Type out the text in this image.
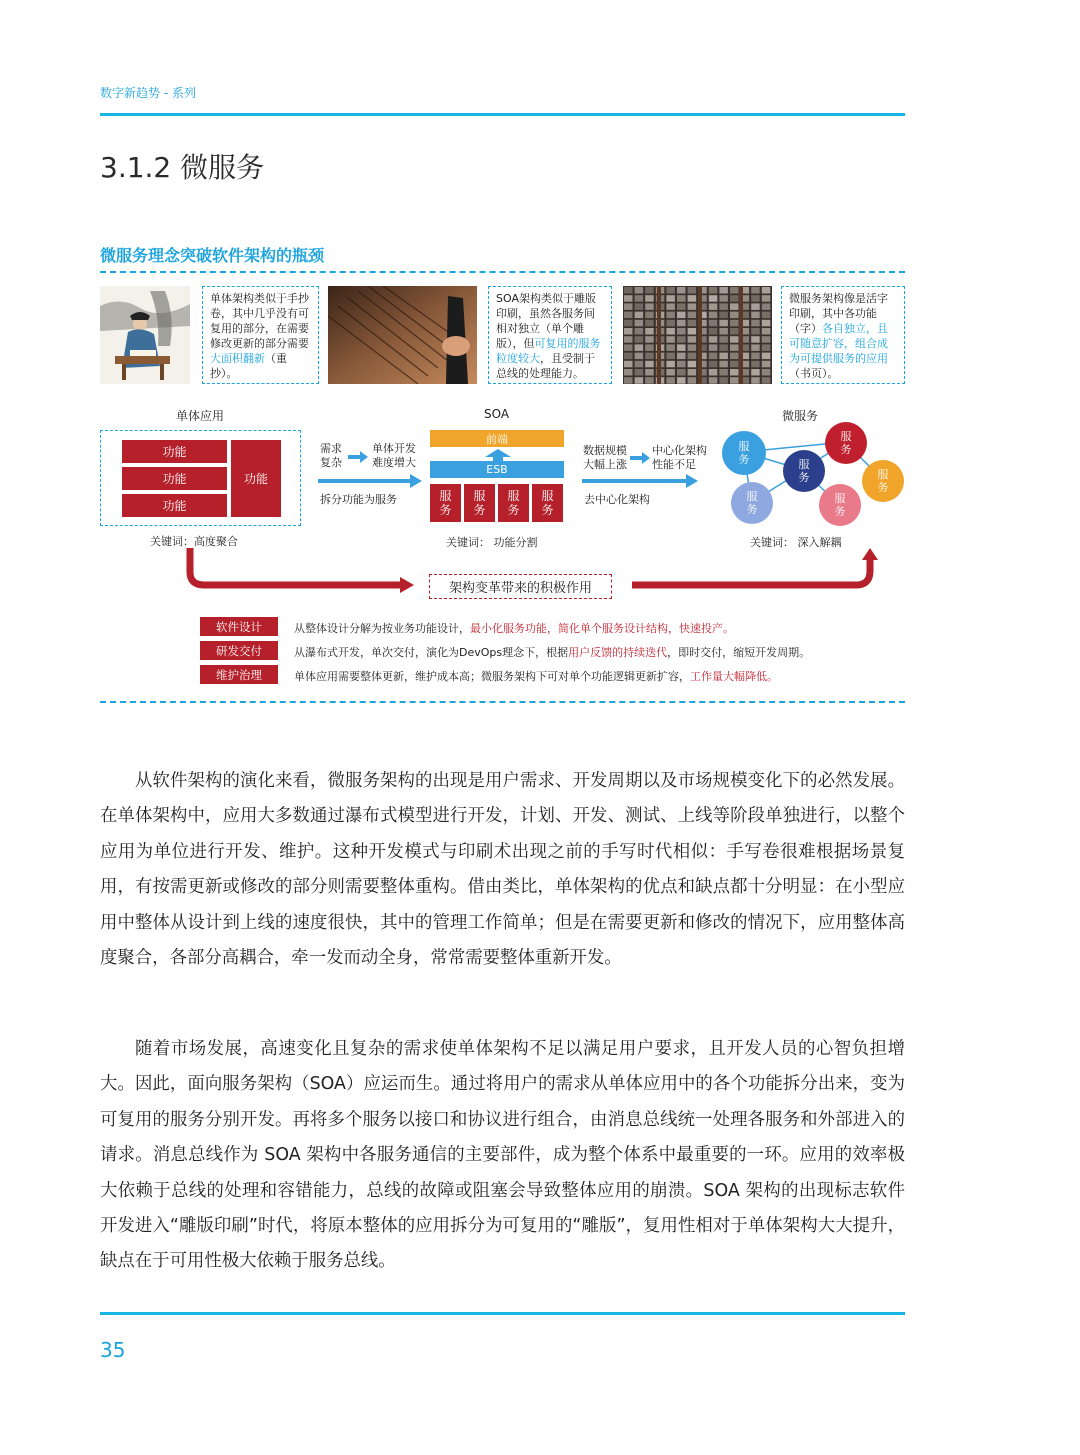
数字新趋势 - 系列
3.1.2 微服务
微服务理念突破软件架构的瓶颈
单体架构类似于手抄卷，其中几乎没有可复用的部分，在需要修改更新的部分需要大面积翻新（重抄）。
SOA架构类似于雕版印刷，虽然各服务间相对独立（单个雕版），但可复用的服务粒度较大，且受制于总线的处理能力。
微服务架构像是活字印刷，其中各功能（字）各自独立，且可随意扩容，组合成为可提供服务的应用（书页）。
单体应用	SOA	微服务
功能
功能
功能
功能
关键词：高度聚合
需求复杂
单体开发难度增大
拆分功能为服务
前端
ESB
服务
服务
服务
服务
关键词： 功能分割
数据规模大幅上涨
中心化架构性能不足
去中心化架构
服务
服务
服务	服务
服务
服务
关键词： 深入解耦
架构变革带来的积极作用
软件设计	从整体设计分解为按业务功能设计，最小化服务功能，简化单个服务设计结构，快速投产。
研发交付	从瀑布式开发，单次交付，演化为DevOps理念下，根据用户反馈的持续迭代，即时交付，缩短开发周期。
维护治理	单体应用需要整体更新，维护成本高；微服务架构下可对单个功能逻辑更新扩容，工作量大幅降低。
从软件架构的演化来看，微服务架构的出现是用户需求、开发周期以及市场规模变化下的必然发展。在单体架构中，应用大多数通过瀑布式模型进行开发，计划、开发、测试、上线等阶段单独进行，以整个应用为单位进行开发、维护。这种开发模式与印刷术出现之前的手写时代相似：手写卷很难根据场景复用，有按需更新或修改的部分则需要整体重构。借由类比，单体架构的优点和缺点都十分明显：在小型应用中整体从设计到上线的速度很快，其中的管理工作简单；但是在需要更新和修改的情况下，应用整体高度聚合，各部分高耦合，牵一发而动全身，常常需要整体重新开发。
随着市场发展，高速变化且复杂的需求使单体架构不足以满足用户要求，且开发人员的心智负担增大。因此，面向服务架构（SOA）应运而生。通过将用户的需求从单体应用中的各个功能拆分出来，变为可复用的服务分别开发。再将多个服务以接口和协议进行组合，由消息总线统一处理各服务和外部进入的请求。消息总线作为 SOA 架构中各服务通信的主要部件，成为整个体系中最重要的一环。应用的效率极大依赖于总线的处理和容错能力，总线的故障或阻塞会导致整体应用的崩溃。SOA 架构的出现标志软件开发进入“雕版印刷”时代，将原本整体的应用拆分为可复用的“雕版”，复用性相对于单体架构大大提升，缺点在于可用性极大依赖于服务总线。
35
